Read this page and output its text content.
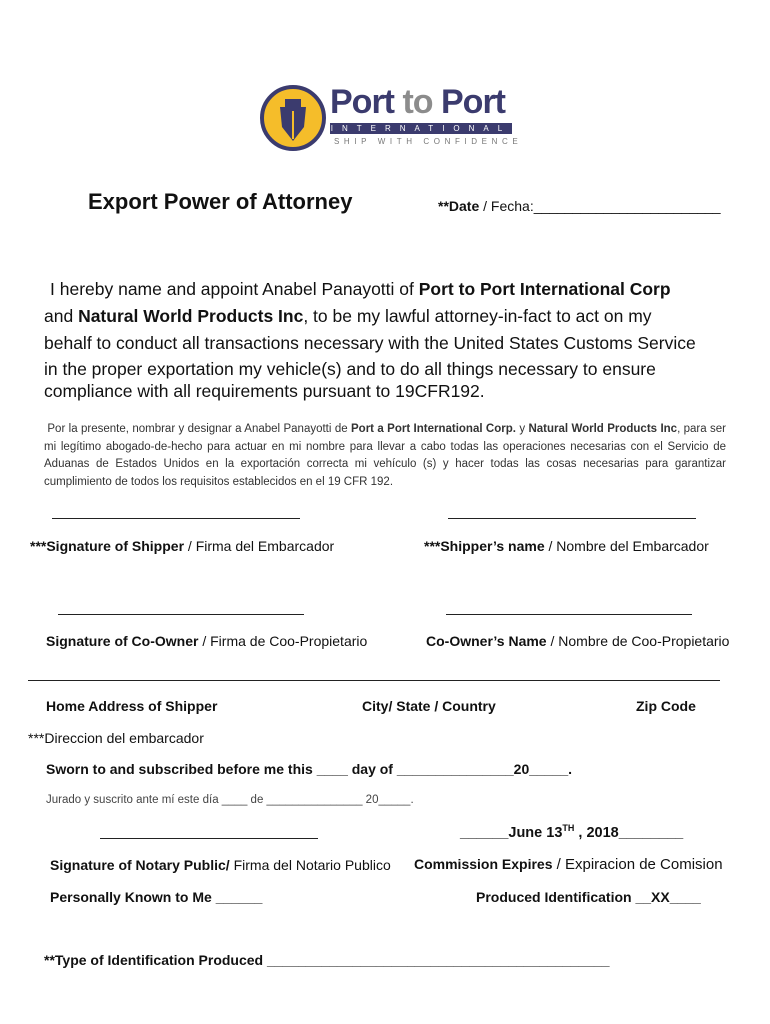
Port to Port
INTERNATIONAL
SHIP WITH CONFIDENCE
Export Power of Attorney	**Date / Fecha:________________________
I hereby name and appoint Anabel Panayotti of Port to Port International Corp
and Natural World Products Inc, to be my lawful attorney-in-fact to act on my
behalf to conduct all transactions necessary with the United States Customs Service
in the proper exportation my vehicle(s) and to do all things necessary to ensure
compliance with all requirements pursuant to 19CFR192.
Por la presente, nombrar y designar a Anabel Panayotti de Port a Port International Corp. y Natural World Products Inc, para ser mi legítimo abogado-de-hecho para actuar en mi nombre para llevar a cabo todas las operaciones necesarias con el Servicio de Aduanas de Estados Unidos en la exportación correcta mi vehículo (s) y hacer todas las cosas necesarias para garantizar cumplimiento de todos los requisitos establecidos en el 19 CFR 192.
***Signature of Shipper / Firma del Embarcador	***Shipper’s name / Nombre del Embarcador
Signature of Co-Owner / Firma de Coo-Propietario	Co-Owner’s Name / Nombre de Coo-Propietario
Home Address of Shipper	City/ State / Country	Zip Code
***Direccion del embarcador
Sworn to and subscribed before me this ____ day of _______________20_____.
Jurado y suscrito ante mí este día ____ de _______________ 20_____.
______June 13TH , 2018________
Signature of Notary Public/ Firma del Notario Publico Commission Expires / Expiracion de Comision
Personally Known to Me ______	Produced Identification __XX____
**Type of Identification Produced ____________________________________________
